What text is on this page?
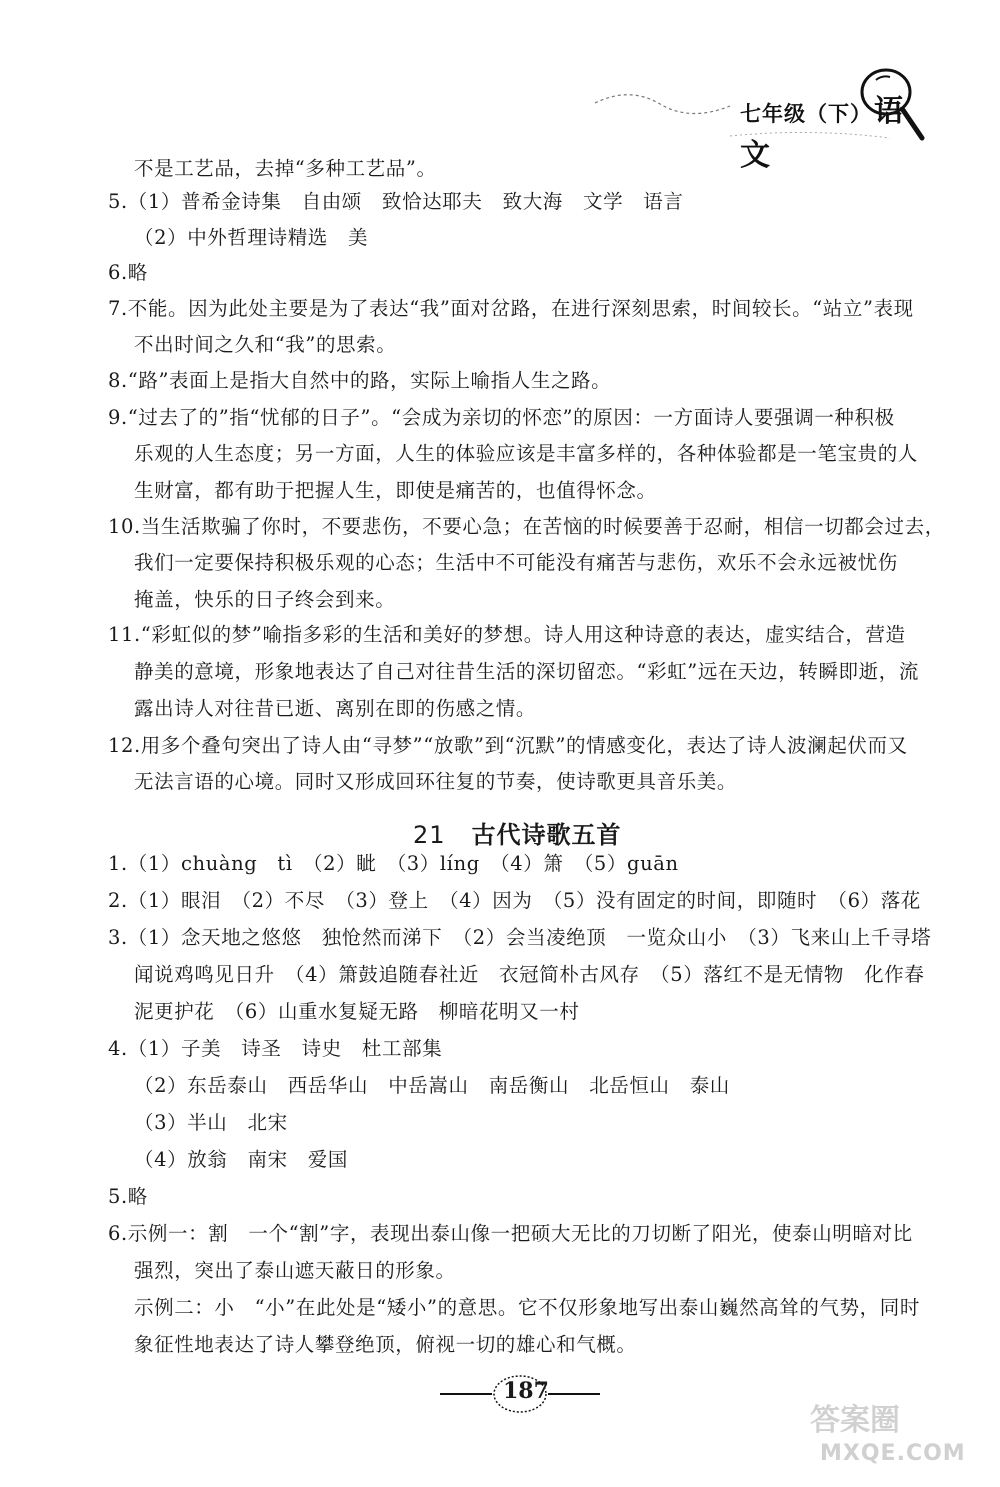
七年级（下）语文
不是工艺品，去掉“多种工艺品”。
5.（1）普希金诗集　自由颂　致恰达耶夫　致大海　文学　语言
（2）中外哲理诗精选　美
6.略
7.不能。因为此处主要是为了表达“我”面对岔路，在进行深刻思索，时间较长。“站立”表现
不出时间之久和“我”的思索。
8.“路”表面上是指大自然中的路，实际上喻指人生之路。
9.“过去了的”指“忧郁的日子”。“会成为亲切的怀恋”的原因：一方面诗人要强调一种积极
乐观的人生态度；另一方面，人生的体验应该是丰富多样的，各种体验都是一笔宝贵的人
生财富，都有助于把握人生，即使是痛苦的，也值得怀念。
10.当生活欺骗了你时，不要悲伤，不要心急；在苦恼的时候要善于忍耐，相信一切都会过去，
我们一定要保持积极乐观的心态；生活中不可能没有痛苦与悲伤，欢乐不会永远被忧伤
掩盖，快乐的日子终会到来。
11.“彩虹似的梦”喻指多彩的生活和美好的梦想。诗人用这种诗意的表达，虚实结合，营造
静美的意境，形象地表达了自己对往昔生活的深切留恋。“彩虹”远在天边，转瞬即逝，流
露出诗人对往昔已逝、离别在即的伤感之情。
12.用多个叠句突出了诗人由“寻梦”“放歌”到“沉默”的情感变化，表达了诗人波澜起伏而又
无法言语的心境。同时又形成回环往复的节奏，使诗歌更具音乐美。
21 古代诗歌五首
1.（1）chuàng　tì　（2）眦　（3）líng　（4）箫　（5）guān
2.（1）眼泪　（2）不尽　（3）登上　（4）因为　（5）没有固定的时间，即随时　（6）落花
3.（1）念天地之悠悠　独怆然而涕下　（2）会当凌绝顶　一览众山小　（3）飞来山上千寻塔
闻说鸡鸣见日升　（4）箫鼓追随春社近　衣冠简朴古风存　（5）落红不是无情物　化作春
泥更护花　（6）山重水复疑无路　柳暗花明又一村
4.（1）子美　诗圣　诗史　杜工部集
（2）东岳泰山　西岳华山　中岳嵩山　南岳衡山　北岳恒山　泰山
（3）半山　北宋
（4）放翁　南宋　爱国
5.略
6.示例一：割　一个“割”字，表现出泰山像一把硕大无比的刀切断了阳光，使泰山明暗对比
强烈，突出了泰山遮天蔽日的形象。
示例二：小　“小”在此处是“矮小”的意思。它不仅形象地写出泰山巍然高耸的气势，同时
象征性地表达了诗人攀登绝顶，俯视一切的雄心和气概。
187
答案圈
MXQE.COM
